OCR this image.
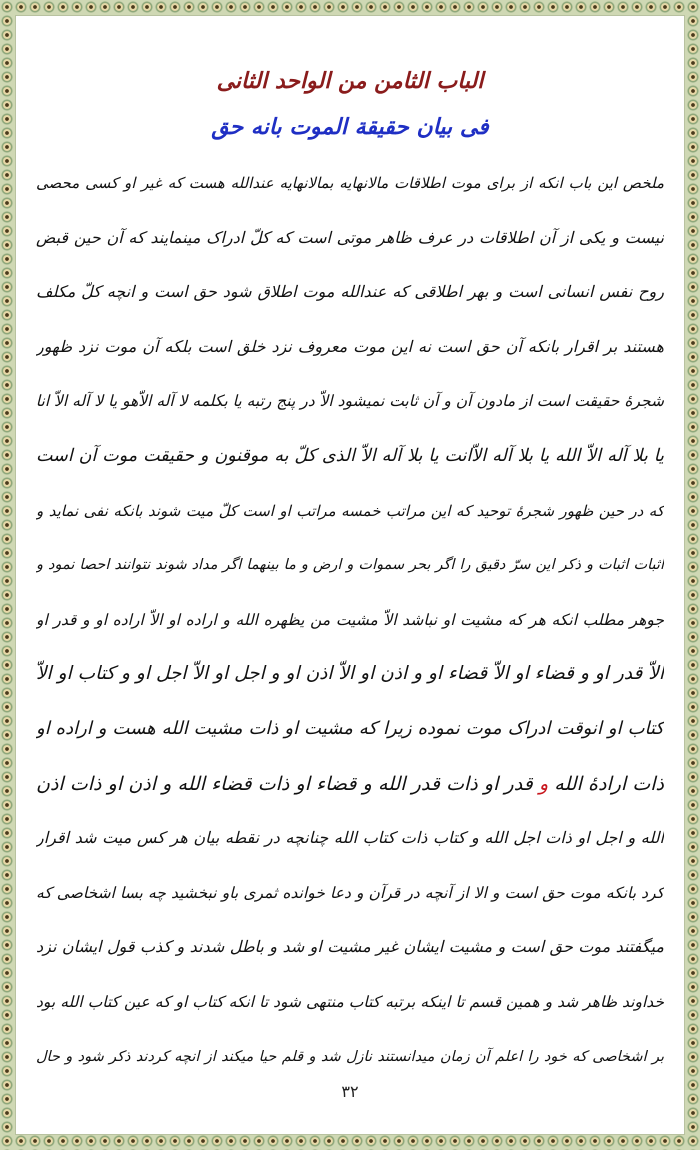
الباب الثامن من الواحد الثانی
فی بیان حقیقة الموت بانه حق
ملخص این باب انکه از برای موت اطلاقات مالانهایه بمالانهایه عندالله هست که غیر او کسی محصی
نیست و یکی از آن اطلاقات در عرف ظاهر موتی است که کلّ ادراک مینمایند که آن حین قبض
روح نفس انسانی است و بهر اطلاقی که عندالله موت اطلاق شود حق است و انچه کلّ مکلف
هستند بر اقرار بانکه آن حق است نه این موت معروف نزد خلق است بلکه آن موت نزد ظهور
شجرهٔ حقیقت است از مادون آن و آن ثابت نمیشود الاّ در پنج رتبه یا بکلمه لا آله الاّهو یا لا آله الاّ انا
یا بلا آله الاّ الله یا بلا آله الاّانت یا بلا آله الاّ الذی کلّ به موقنون و حقیقت موت آن است
که در حین ظهور شجرهٔ توحید که این مراتب خمسه مراتب او است کلّ میت شوند بانکه نفی نماید و
اثبات اثبات و ذکر این سرّ دقیق را اگر بحر سموات و ارض و ما بینهما اگر مداد شوند نتوانند احصا نمود و
جوهر مطلب انکه هر که مشیت او نباشد الاّ مشیت من یظهره الله و اراده او الاّ اراده او و قدر او
الاّ قدر او و قضاء او الاّ قضاء او و اذن او الاّ اذن او و اجل او الاّ اجل او و کتاب او الاّ
کتاب او انوقت ادراک موت نموده زیرا که مشیت او ذات مشیت الله هست و اراده او
ذات ارادهٔ الله و قدر او ذات قدر الله و قضاء او ذات قضاء الله و اذن او ذات اذن
الله و اجل او ذات اجل الله و کتاب ذات کتاب الله چنانچه در نقطه بیان هر کس میت شد اقرار
کرد بانکه موت حق است و الا از آنچه در قرآن و دعا خوانده ثمری باو نبخشید چه بسا اشخاصی که
میگفتند موت حق است و مشیت ایشان غیر مشیت او شد و باطل شدند و کذب قول ایشان نزد
خداوند ظاهر شد و همین قسم تا اینکه برتبه کتاب منتهی شود تا انکه کتاب او که عین کتاب الله بود
بر اشخاصی که خود را اعلم آن زمان میدانستند نازل شد و قلم حیا میکند از انچه کردند ذکر شود و حال
۳۲
